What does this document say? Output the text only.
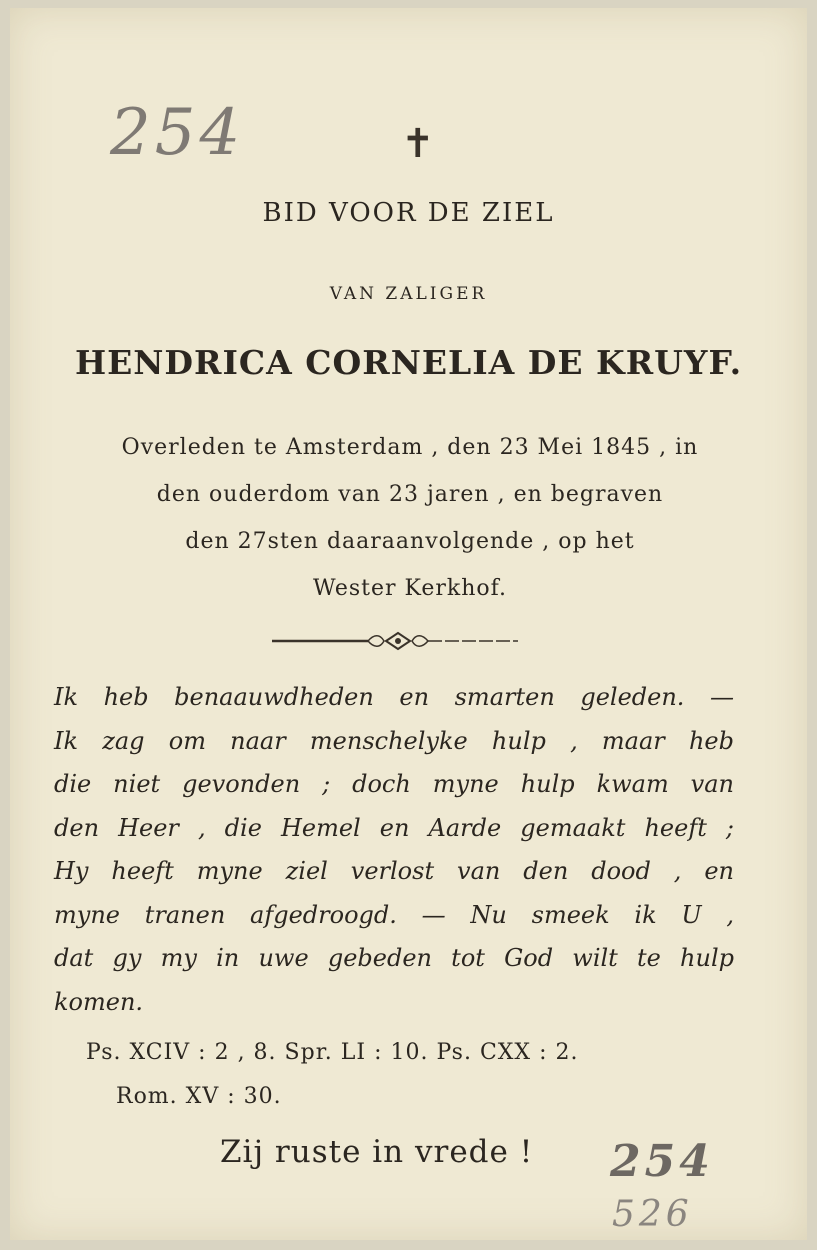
254	✝
BID VOOR DE ZIEL
VAN ZALIGER
HENDRICA CORNELIA DE KRUYF.
Overleden te Amsterdam , den 23 Mei 1845 , in
den ouderdom van 23 jaren , en begraven
den 27sten daaraanvolgende , op het
Wester Kerkhof.
Ik heb benaauwdheden en smarten geleden. —
Ik zag om naar menschelyke hulp , maar heb
die niet gevonden ; doch myne hulp kwam van
den Heer , die Hemel en Aarde gemaakt heeft ;
Hy heeft myne ziel verlost van den dood , en
myne tranen afgedroogd. — Nu smeek ik U ,
dat gy my in uwe gebeden tot God wilt te hulp
komen.
Ps. XCIV : 2 , 8. Spr. LI : 10. Ps. CXX : 2.
Rom. XV : 30.
Zij ruste in vrede ! 254
526
